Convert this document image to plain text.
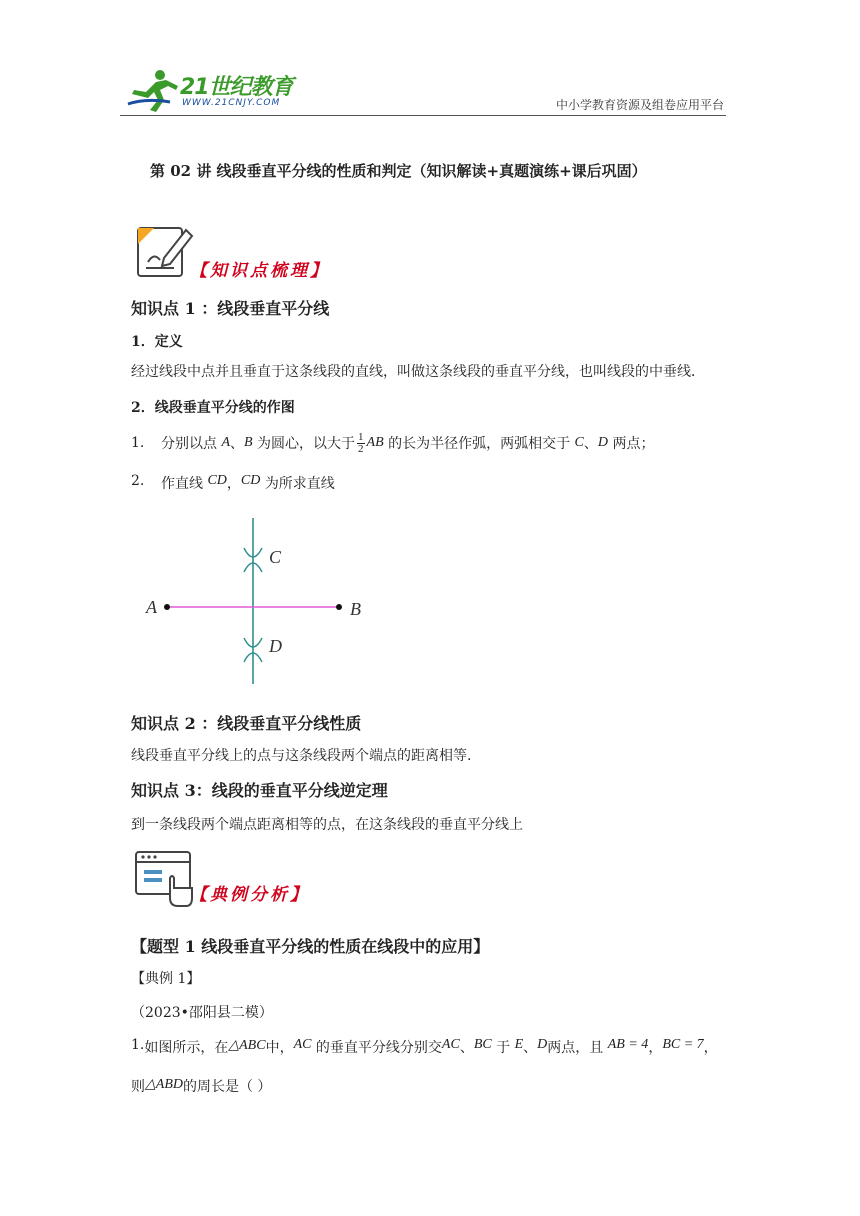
21世纪教育
WWW.21CNJY.COM	中小学教育资源及组卷应用平台
第 02 讲 线段垂直平分线的性质和判定（知识解读+真题演练+课后巩固）
【知识点梳理】
知识点 1 ：线段垂直平分线
1．定义
经过线段中点并且垂直于这条线段的直线，叫做这条线段的垂直平分线，也叫线段的中垂线．
2．线段垂直平分线的作图
1.	分别以点
A 、 B
为圆心，以大于 $\frac{1}{2}$ AB
的长为半径作弧，两弧相交于
C 、 D
两点；
2.	作直线
CD ， CD
为所求直线
A	B
C
D
知识点 2 ：线段垂直平分线性质
线段垂直平分线上的点与这条线段两个端点的距离相等.
知识点 3：线段的垂直平分线逆定理
到一条线段两个端点距离相等的点，在这条线段的垂直平分线上
【典例分析】
【题型 1 线段垂直平分线的性质在线段中的应用】
【典例 1】
（2023•邵阳县二模）
1. 如图所示，在 △ABC 中， AC
的垂直平分线分别交 AC 、 BC
于
E 、 D 两点，且
AB = 4 ， BC = 7 ，
则 △ABD 的周长是（ ）
